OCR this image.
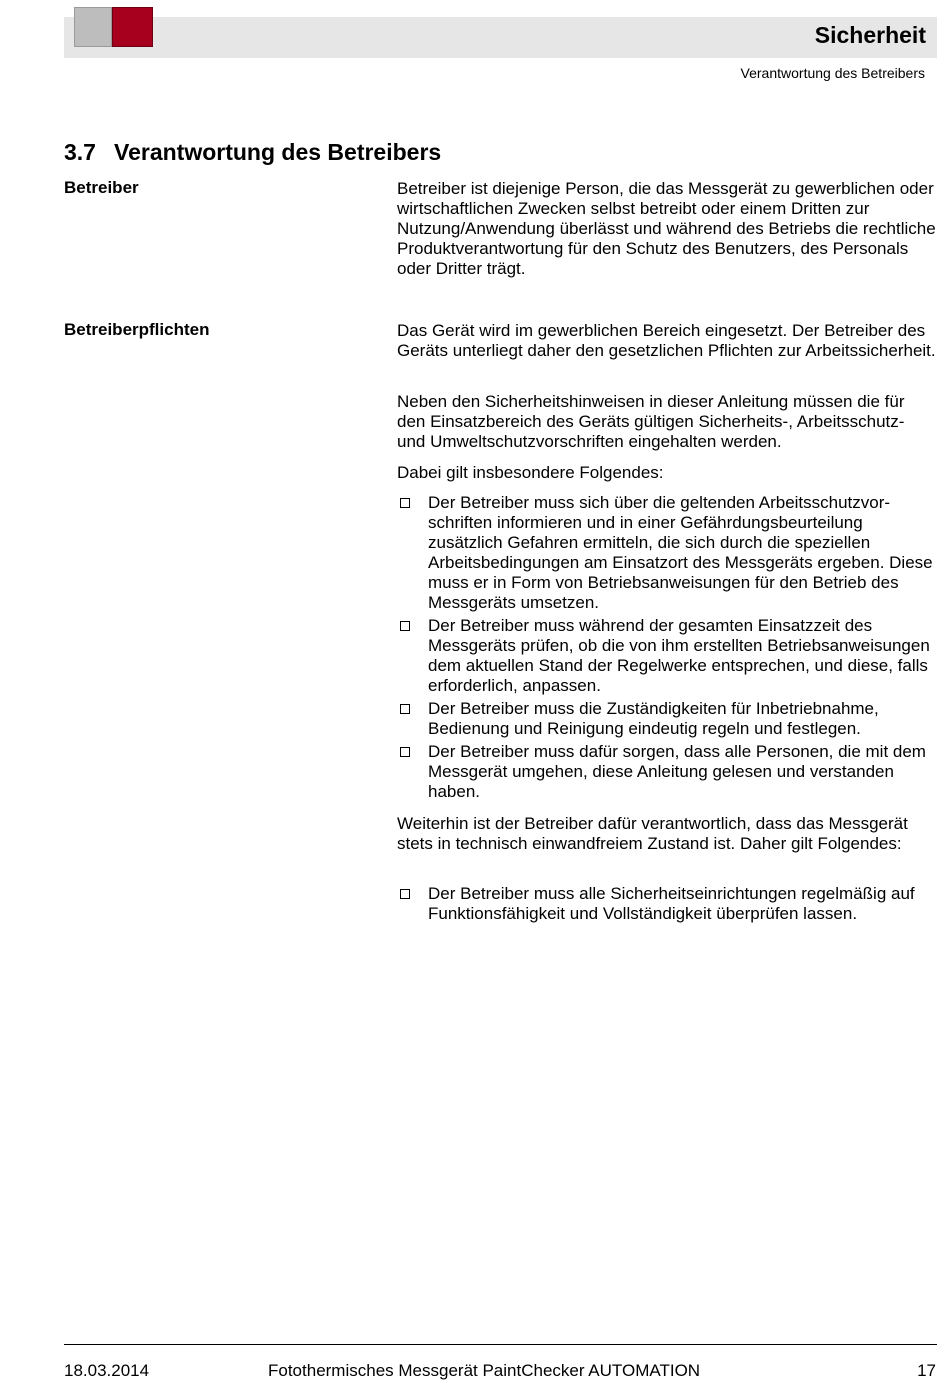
Sicherheit
Verantwortung des Betreibers
3.7 Verantwortung des Betreibers
Betreiber	Betreiber ist diejenige Person, die das Messgerät zu gewerblichen oder wirtschaftlichen Zwecken selbst betreibt oder einem Dritten zur Nutzung/Anwendung überlässt und während des Betriebs die rechtliche Produktverantwortung für den Schutz des Benutzers, des Personals oder Dritter trägt.

Betreiberpflichten	Das Gerät wird im gewerblichen Bereich eingesetzt. Der Betreiber des Geräts unterliegt daher den gesetzlichen Pflichten zur Arbeitssicherheit.

Neben den Sicherheitshinweisen in dieser Anleitung müssen die für den Einsatzbereich des Geräts gültigen Sicherheits-, Arbeitsschutz- und Umweltschutzvorschriften eingehalten werden.

Dabei gilt insbesondere Folgendes:

Der Betreiber muss sich über die geltenden Arbeitsschutzvorschriften informieren und in einer Gefährdungsbeurteilung zusätzlich Gefahren ermitteln, die sich durch die speziellen Arbeitsbedingungen am Einsatzort des Messgeräts ergeben. Diese muss er in Form von Betriebsanweisungen für den Betrieb des Messgeräts umsetzen.
Der Betreiber muss während der gesamten Einsatzzeit des Messgeräts prüfen, ob die von ihm erstellten Betriebsanweisungen dem aktuellen Stand der Regelwerke entsprechen, und diese, falls erforderlich, anpassen.
Der Betreiber muss die Zuständigkeiten für Inbetriebnahme, Bedienung und Reinigung eindeutig regeln und festlegen.
Der Betreiber muss dafür sorgen, dass alle Personen, die mit dem Messgerät umgehen, diese Anleitung gelesen und verstanden haben.

Weiterhin ist der Betreiber dafür verantwortlich, dass das Messgerät stets in technisch einwandfreiem Zustand ist. Daher gilt Folgendes:

Der Betreiber muss alle Sicherheitseinrichtungen regelmäßig auf Funktionsfähigkeit und Vollständigkeit überprüfen lassen.
18.03.2014	Fotothermisches Messgerät PaintChecker AUTOMATION	17
